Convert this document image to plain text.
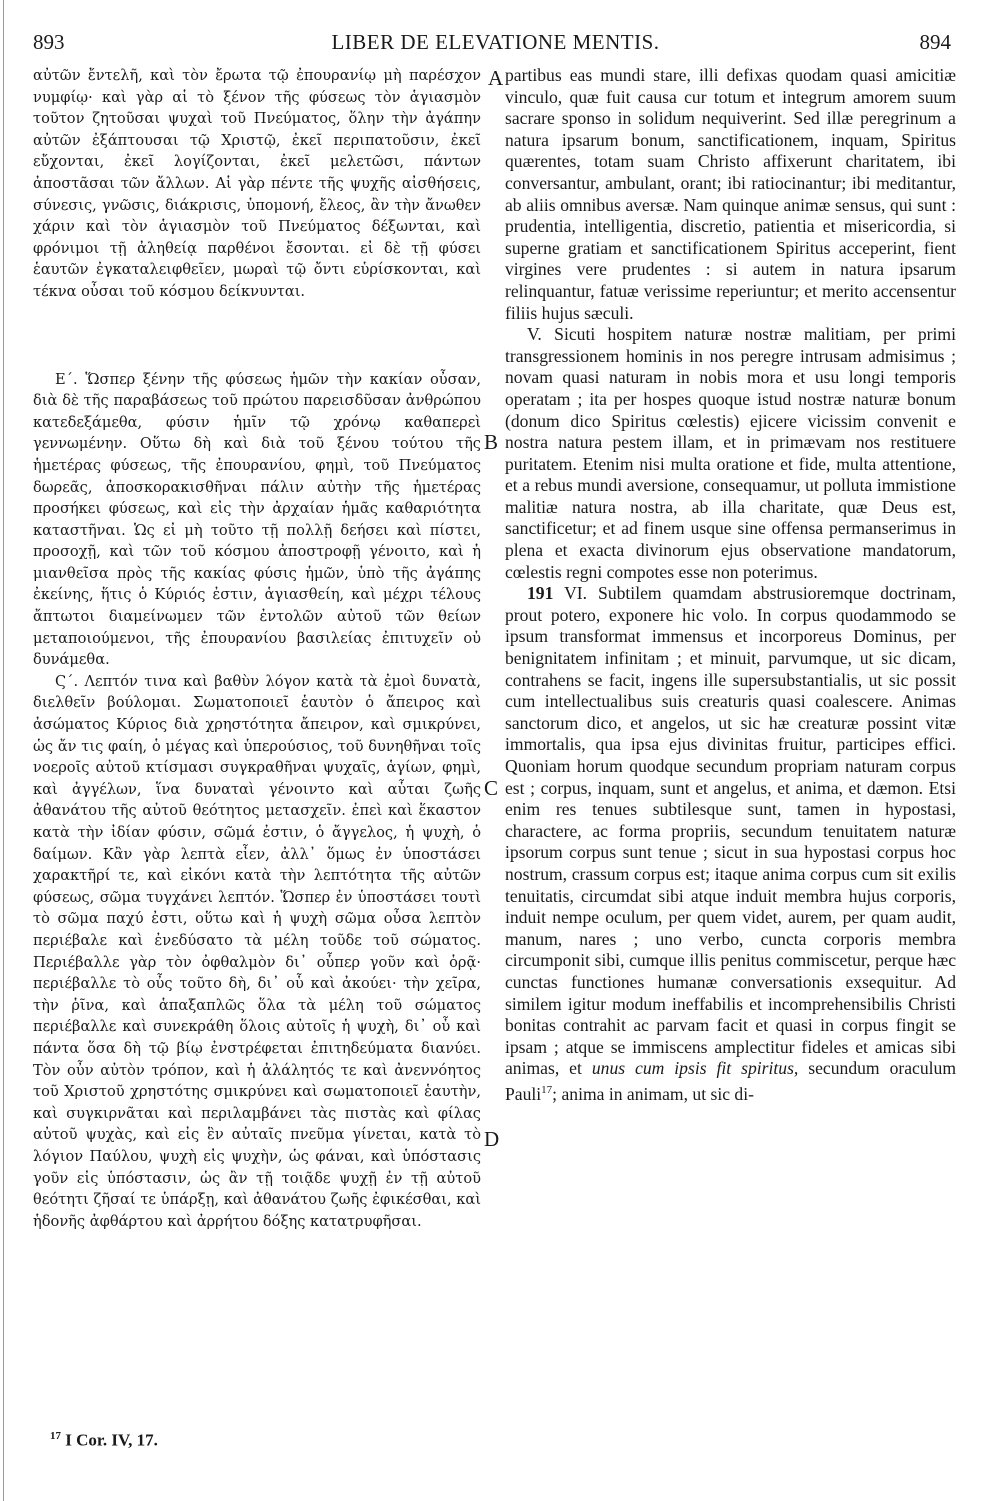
893	LIBER DE ELEVATIONE MENTIS.	894

αὐτῶν ἔντελῆ, καὶ τὸν ἔρωτα τῷ ἐπουρανίῳ μὴ παρέσχον νυμφίῳ· καὶ γὰρ αἱ τὸ ξένον τῆς φύσεως τὸν ἁγιασμὸν τοῦτον ζητοῦσαι ψυχαὶ τοῦ Πνεύματος, ὅλην τὴν ἀγάπην αὐτῶν ἐξάπτουσαι τῷ Χριστῷ, ἐκεῖ περιπατοῦσιν, ἐκεῖ εὔχονται, ἐκεῖ λογίζονται, ἐκεῖ μελετῶσι, πάντων ἀποστᾶσαι τῶν ἄλλων. Αἱ γὰρ πέντε τῆς ψυχῆς αἰσθήσεις, σύνεσις, γνῶσις, διάκρισις, ὑπομονή, ἔλεος, ἂν τὴν ἄνωθεν χάριν καὶ τὸν ἁγιασμὸν τοῦ Πνεύματος δέξωνται, καὶ φρόνιμοι τῇ ἀληθείᾳ παρθένοι ἔσονται. εἰ δὲ τῇ φύσει ἑαυτῶν ἐγκαταλειφθεῖεν, μωραὶ τῷ ὄντι εὑρίσκονται, καὶ τέκνα οὖσαι τοῦ κόσμου δείκνυνται.

Ε΄. Ὥσπερ ξένην τῆς φύσεως ἡμῶν τὴν κακίαν οὖσαν, διὰ δὲ τῆς παραβάσεως τοῦ πρώτου παρεισδῦσαν ἀνθρώπου κατεδεξάμεθα, φύσιν ἡμῖν τῷ χρόνῳ καθαπερεὶ γεννωμένην. Οὕτω δὴ καὶ διὰ τοῦ ξένου τούτου τῆς ἡμετέρας φύσεως, τῆς ἐπουρανίου, φημὶ, τοῦ Πνεύματος δωρεᾶς, ἀποσκορακισθῆναι πάλιν αὐτὴν τῆς ἡμετέρας προσήκει φύσεως, καὶ εἰς τὴν ἀρχαίαν ἡμᾶς καθαριότητα καταστῆναι. Ὡς εἰ μὴ τοῦτο τῇ πολλῇ δεήσει καὶ πίστει, προσοχῇ, καὶ τῶν τοῦ κόσμου ἀποστροφῇ γένοιτο, καὶ ἡ μιανθεῖσα πρὸς τῆς κακίας φύσις ἡμῶν, ὑπὸ τῆς ἀγάπης ἐκείνης, ἥτις ὁ Κύριός ἐστιν, ἁγιασθείη, καὶ μέχρι τέλους ἄπτωτοι διαμείνωμεν τῶν ἐντολῶν αὐτοῦ τῶν θείων μεταποιούμενοι, τῆς ἐπουρανίου βασιλείας ἐπιτυχεῖν οὐ δυνάμεθα.

Ϛ΄. Λεπτόν τινα καὶ βαθὺν λόγον κατὰ τὰ ἐμοὶ δυνατὰ, διελθεῖν βούλομαι. Σωματοποιεῖ ἑαυτὸν ὁ ἄπειρος καὶ ἀσώματος Κύριος διὰ χρηστότητα ἄπειρον, καὶ σμικρύνει, ὡς ἄν τις φαίη, ὁ μέγας καὶ ὑπερούσιος, τοῦ δυνηθῆναι τοῖς νοεροῖς αὐτοῦ κτίσμασι συγκραθῆναι ψυχαῖς, ἁγίων, φημὶ, καὶ ἀγγέλων, ἵνα δυναταὶ γένοιντο καὶ αὗται ζωῆς ἀθανάτου τῆς αὐτοῦ θεότητος μετασχεῖν. ἐπεὶ καὶ ἕκαστον κατὰ τὴν ἰδίαν φύσιν, σῶμά ἐστιν, ὁ ἄγγελος, ἡ ψυχὴ, ὁ δαίμων. Κἂν γὰρ λεπτὰ εἶεν, ἀλλ᾽ ὅμως ἐν ὑποστάσει χαρακτῆρί τε, καὶ εἰκόνι κατὰ τὴν λεπτότητα τῆς αὐτῶν φύσεως, σῶμα τυγχάνει λεπτόν. Ὥσπερ ἐν ὑποστάσει τουτὶ τὸ σῶμα παχύ ἐστι, οὕτω καὶ ἡ ψυχὴ σῶμα οὖσα λεπτὸν περιέβαλε καὶ ἐνεδύσατο τὰ μέλη τοῦδε τοῦ σώματος. Περιέβαλλε γὰρ τὸν ὀφθαλμὸν δι᾽ οὗπερ γοῦν καὶ ὁρᾷ· περιέβαλλε τὸ οὖς τοῦτο δὴ, δι᾽ οὗ καὶ ἀκούει· τὴν χεῖρα, τὴν ῥῖνα, καὶ ἁπαξαπλῶς ὅλα τὰ μέλη τοῦ σώματος περιέβαλλε καὶ συνεκράθη ὅλοις αὐτοῖς ἡ ψυχὴ, δι᾽ οὗ καὶ πάντα ὅσα δὴ τῷ βίῳ ἐνστρέφεται ἐπιτηδεύματα διανύει. Τὸν οὖν αὐτὸν τρόπον, καὶ ἡ ἀλάλητός τε καὶ ἀνεννόητος τοῦ Χριστοῦ χρηστότης σμικρύνει καὶ σωματοποιεῖ ἑαυτὴν, καὶ συγκιρνᾶται καὶ περιλαμβάνει τὰς πιστὰς καὶ φίλας αὐτοῦ ψυχὰς, καὶ εἰς ἓν αὐταῖς πνεῦμα γίνεται, κατὰ τὸ λόγιον Παύλου, ψυχὴ εἰς ψυχὴν, ὡς φάναι, καὶ ὑπόστασις γοῦν εἰς ὑπόστασιν, ὡς ἂν τῇ τοιᾷδε ψυχῇ ἐν τῇ αὐτοῦ θεότητι ζῆσαί τε ὑπάρξῃ, καὶ ἀθανάτου ζωῆς ἐφικέσθαι, καὶ ἡδονῆς ἀφθάρτου καὶ ἀρρήτου δόξης κατατρυφῆσαι.

A
B
C
D

partibus eas mundi stare, illi defixas quodam quasi amicitiæ vinculo, quæ fuit causa cur totum et integrum amorem suum sacrare sponso in solidum nequiverint. Sed illæ peregrinum a natura ipsarum bonum, sanctificationem, inquam, Spiritus quærentes, totam suam Christo affixerunt charitatem, ibi conversantur, ambulant, orant; ibi ratiocinantur; ibi meditantur, ab aliis omnibus aversæ. Nam quinque animæ sensus, qui sunt : prudentia, intelligentia, discretio, patientia et misericordia, si superne gratiam et sanctificationem Spiritus acceperint, fient virgines vere prudentes : si autem in natura ipsarum relinquantur, fatuæ verissime reperiuntur; et merito accensentur filiis hujus sæculi.

V. Sicuti hospitem naturæ nostræ malitiam, per primi transgressionem hominis in nos peregre intrusam admisimus ; novam quasi naturam in nobis mora et usu longi temporis operatam ; ita per hospes quoque istud nostræ naturæ bonum (donum dico Spiritus cœlestis) ejicere vicissim convenit e nostra natura pestem illam, et in primævam nos restituere puritatem. Etenim nisi multa oratione et fide, multa attentione, et a rebus mundi aversione, consequamur, ut polluta immistione malitiæ natura nostra, ab illa charitate, quæ Deus est, sanctificetur; et ad finem usque sine offensa permanserimus in plena et exacta divinorum ejus observatione mandatorum, cœlestis regni compotes esse non poterimus.

191 VI. Subtilem quamdam abstrusioremque doctrinam, prout potero, exponere hic volo. In corpus quodammodo se ipsum transformat immensus et incorporeus Dominus, per benignitatem infinitam ; et minuit, parvumque, ut sic dicam, contrahens se facit, ingens ille supersubstantialis, ut sic possit cum intellectualibus suis creaturis quasi coalescere. Animas sanctorum dico, et angelos, ut sic hæ creaturæ possint vitæ immortalis, qua ipsa ejus divinitas fruitur, participes effici. Quoniam horum quodque secundum propriam naturam corpus est ; corpus, inquam, sunt et angelus, et anima, et dæmon. Etsi enim res tenues subtilesque sunt, tamen in hypostasi, charactere, ac forma propriis, secundum tenuitatem naturæ ipsorum corpus sunt tenue ; sicut in sua hypostasi corpus hoc nostrum, crassum corpus est; itaque anima corpus cum sit exilis tenuitatis, circumdat sibi atque induit membra hujus corporis, induit nempe oculum, per quem videt, aurem, per quam audit, manum, nares ; uno verbo, cuncta corporis membra circumponit sibi, cumque illis penitus commiscetur, perque hæc cunctas functiones humanæ conversationis exsequitur. Ad similem igitur modum ineffabilis et incomprehensibilis Christi bonitas contrahit ac parvam facit et quasi in corpus fingit se ipsam ; atque se immiscens amplectitur fideles et amicas sibi animas, et unus cum ipsis fit spiritus, secundum oraculum Pauli$^{17}$; anima in animam, ut sic di-

$^{17}$ I Cor. IV, 17.
